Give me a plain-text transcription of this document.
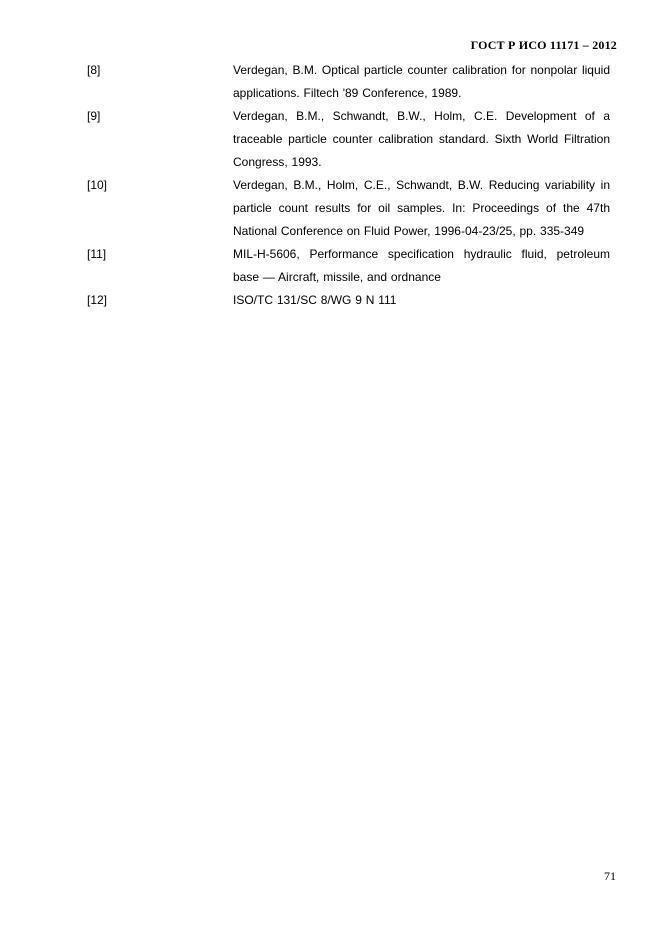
ГОСТ Р ИСО 11171 – 2012
[8]	Verdegan, B.M. Optical particle counter calibration for nonpolar liquid applications. Filtech '89 Conference, 1989.
[9]	Verdegan, B.M., Schwandt, B.W., Holm, C.E. Development of a traceable particle counter calibration standard. Sixth World Filtration Congress, 1993.
[10]	Verdegan, B.M., Holm, C.E., Schwandt, B.W. Reducing variability in particle count results for oil samples. In: Proceedings of the 47th National Conference on Fluid Power, 1996-04-23/25, pp. 335-349
[11]	MIL-H-5606, Performance specification hydraulic fluid, petroleum base — Aircraft, missile, and ordnance
[12]	ISO/TC 131/SC 8/WG 9 N 111
71
